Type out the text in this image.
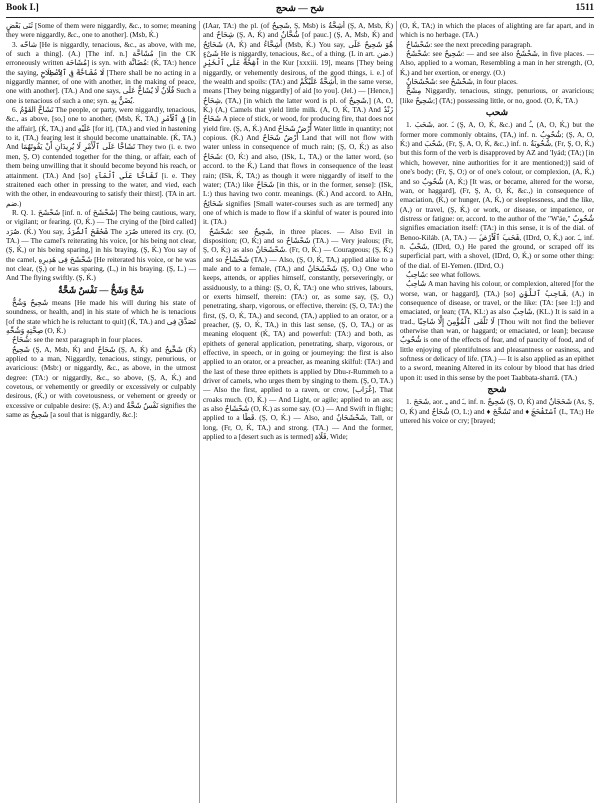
Book I.]	شح — شحج	1511

ثَنَى بَعْضٍ [Some of them were niggardly, &c., to some; meaning they were niggardly, &c., one to another]. (Msb, Ḱ.)

3. شاحّه [He is niggardly, tenacious, &c., as above, with me, of such a thing]. (A.) [The inf. n.] مُشَاحَّة [in the CK erroneously written مُشَاحَة] is syn. with مُضَانَّة: (Ḱ, TA:) hence the saying, لَا مُشَاحَّةَ فِى ٱلِٱصْطِلَاحِ [There shall be no acting in a niggardly manner, of one with another, in the making of peace, one with another]. (TA.) And one says, فُلَانٌ لَا يُشَاحُّ عَلَى Such a one is tenacious of such a one; syn. يُضَنُّ بِهِ.

6. تَشَاحَّ القَوْمُ The people, or party, were niggardly, tenacious, &c., as above, [so,] one to another, (Msb, Ḱ, TA,) فِى ٱلْأَمْرِ [in the affair], (Ḱ, TA,) and عَلَيْهِ [for it], (TA,) and vied in hastening to it, (TA,) fearing lest it should become unattainable. (Ḱ, TA.) And تَشَاحَّا عَلَى ٱلْأَمْرِ لَا يُرِيدَانِ أَنْ يَفُوتَهُمَا They two (i. e. two men, Ş, O) contended together for the thing, or affair, each of them being unwilling that it should become beyond his reach, or attainment. (TA.) And [so] تَشَاحَّا عَلَى ٱلْمَآءِ [i. e. They straitened each other in pressing to the water, and vied, each with the other, in endeavouring to satisfy their thirst]. (TA in art. ضم.)

R. Q. 1. شَحْشَحَ [inf. n. of شَحْشَحَ] The being cautious, wary, or vigilant; or fearing. (O, Ḱ.) — The crying of the [bird called] صُرَد. (Ḱ.) You say, شَحْشَحَ ٱلصُّرَدُ The صُرَد uttered its cry. (O, TA.) — The camel's reiterating his voice, [or his being not clear, (Ş, Ḱ,) or his being sparing,] in his braying. (Ş, Ḱ.) You say of the camel, شَحْشَحَ فِى هَدِيرِهِ [He reiterated his voice, or he was not clear, (Ş,) or he was sparing, (L,) in his braying. (Ş, L.) — And The flying swiftly. (Ş, Ḱ.)

شَحَّ وَشَحُّ — نَفْسٌ شَحَّةٌ

شَحِيحٌ وَشُحٌّ means [He made his will during his state of soundness, or health, and] in his state of which he is tenacious [of the state which he is reluctant to quit] (Ḱ, TA.) and تَصَدَّقَ فِى صِحَّتِهِ وَشُحِّهِ (O, Ḱ.)

شُحَاحٌ: see the next paragraph in four places.

شَحِيحٌ (Ş, A, Msb, Ḱ) and شَحَاحٌ (Ş, A, Ḱ) and شَحِّيحٌ (Ḱ) applied to a man, Niggardly, tenacious, stingy, penurious, or avaricious: (Msb:) or niggardly, &c., as above, in the utmost degree: (TA:) or niggardly, &c., so above, (Ş, A, Ḱ,) and covetous, or vehemently or greedily or excessively or culpably desirous, (Ḱ,) or with covetousness, or vehement or greedy or excessive or culpable desire: (Ş, A:) and نَفْسٌ شَحَّةٌ signifies the same as شَحِيحٌ [a soul that is niggardly, &c.]:

(IAar, TA:) the pl. (of شَحِيحٌ, Ş, Msb) is أَشِحَّةٌ (Ş, A, Msb, Ḱ) and شِحَاحٌ (Ş, A, Ḱ) and شُحَّانٌ [of pauc.] (Ş, A, Msb, Ḱ) and شَحَائِحُ (A, Ḱ) and أَشِحَّاءُ (Msb, Ḱ.) You say, هُوَ شَحِيحٌ عَلَى شَىْءٍ He is niggardly, tenacious, &c., of a thing. (L in art. ضن.) أَشِحَّةٌ عَلَى ٱلْخَيْرِ in the Kur [xxxiii. 19], means [They being niggardly, or vehemently desirous, of the good things, i. e.] of the wealth and spoils: (TA:) and أَشِحَّةٌ عَلَيْكُمْ, in the same verse, means [They being niggardly] of aid [to you]. (Jel.) — [Hence,] شِحَاحٌ, (TA,) [in which the latter word is pl. of شَحِيحٌ,] (A, O, Ḱ,) (A,) Camels that yield little milk. (A, O, Ḱ, TA.) And زَنْدٌ شَحَاحٌ A piece of stick, or wood, for producing fire, that does not yield fire. (Ş, A, Ḱ.) And أَرْضٌ شَحَاحٌ Water little in quantity; not copious. (Ḱ.) And أَرْضٌ شَحَاحٌ Land that will not flow with water unless in consequence of much rain; (Ş, O, Ḱ;) as also شَحَاحٌ: (O, Ḱ:) and also, (ISk, L, TA,) or the latter word, (so accord. to the Ḱ,) Land that flows in consequence of the least rain; (ISk, Ḱ, TA;) as though it were niggardly of itself to the water; (TA;) like شَحَاحٌ [in this, or in the former, sense]: (ISk, L:) thus having two contr. meanings. (Ḱ.) And accord. to AHn, شَحَائِحُ signifies [Small water-courses such as are termed] any one of which is made to flow if a skinful of water is poured into it. (TA.)

شَحْشَحٌ: see شَحِيحٌ, in three places. — Also Evil in disposition; (O, Ḱ;) and so شَحْشَاحٌ (TA.) — Very jealous; (Fr, Ş, O, Ḱ;) as also شَحْشَحَانٌ. (Fr, O, Ḱ.) — Courageous; (Ş, Ḱ;) and so شَحْشَاحٌ (TA.) — Also, (Ş, O, Ḱ, TA,) applied alike to a male and to a female, (TA,) and شَحْشَحَانٌ (Ş, O,) One who keeps, attends, or applies himself, constantly, perseveringly, or assiduously, to a thing: (Ş, O, Ḱ, TA:) one who strives, labours, or exerts himself, therein: (TA:) or, as some say, (Ş, O,) penetrating, sharp, vigorous, or effective, therein: (Ş, O, TA:) the first, (Ş, O, Ḱ, TA,) and second, (TA,) applied to an orator, or a preacher, (Ş, O, Ḱ, TA,) in this last sense, (Ş, O, TA,) or as meaning eloquent (Ḱ, TA) and powerful: (TA:) and both, as epithets of general application, penetrating, sharp, vigorous, or effective, in speech, or in going or journeying: the first is also applied to an orator, or a preacher, as meaning skilful: (TA:) and the last of these three epithets is applied by Dhu-r-Rummeh to a driver of camels, who urges them by singing to them. (Ş, O, TA.) — Also the first, applied to a raven, or crow, [غُرَاب], That croaks much. (O, Ḱ.) — And Light, or agile; applied to an ass; as also شَحْشَاحٌ (O, Ḱ.) as some say. (O.) — And Swift in flight; applied to a قَطَا. (Ş, O, Ḱ.) — Also, and شَحْشَحَانٌ, Tall, or long, (Fr, O, Ḱ, TA,) and strong. (TA.) — And the former, applied to a [desert such as is termed] فَلَاة, Wide;

(O, Ḱ, TA;) in which the places of alighting are far apart, and in which is no herbage. (TA.)

شَحْشَاحٌ: see the next preceding paragraph.

شَحْشَحٌ: see شَحِيحٌ: — and see also شَحْشَحٌ, in five places. — Also, applied to a woman, Resembling a man in her strength, (O, Ḱ,) and her exertion, or energy. (O.)

شَحْشَحَانٌ: see شَحْشَحٌ, in four places.

مِشَحٌّ Niggardly, tenacious, stingy, penurious, or avaricious; [like شَحِيحٌ;] (TA;) possessing little, or no, good. (O, Ḱ, TA.)

شحب

1. شَحَبَ, aor. ـَ (Ş, A, O, Ḱ, &c.) and ـُ, (A, O, Ḱ,) but the former more commonly obtains, (TA,) inf. n. شُحُوبٌ; (Ş, A, O, Ḱ;) and شَحُبَ, (Fr, Ş, A, O, Ḱ, &c.,) inf. n. شُحُوبَةٌ, (Fr, Ş, O, Ḱ,) but this form of the verb is disapproved by AZ and 'Iyád; (TA;) [in which, however, nine authorities for it are mentioned;)] said of one's body; (Fr, Ş, O;) or of one's colour, or complexion, (A, Ḱ,) and so شُحُوبٌ (A, Ḱ;) [It was, or became, altered for the worse, wan, or haggard], (Fr, Ş, A, O, Ḱ, &c.,) in consequence of emaciation, (Ḱ,) or hunger, (A, Ḱ,) or sleeplessness, and the like, (A,) or travel, (Ş, Ḱ,) or work, or disease, or impatience, or distress or fatigue: or, accord. to the author of the "W'áe," شُحُوبٌ signifies emaciation itself: (TA:) in this sense, it is of the dial. of Benoo-Kiláb. (A, TA.) — شَحَبَ ٱلْأَرْضَ, (IDrd, O, Ḱ,) aor. ـَ, inf. n. شَحْبٌ, (IDrd, O,) He pared the ground, or scraped off its superficial part, with a shovel, (IDrd, O, Ḱ,) or some other thing: of the dial. of El-Yemen. (IDrd, O.)

شَاحِبٌ: see what follows.

شَاحِبٌ A man having his colour, or complexion, altered [for the worse, wan, or haggard], (TA,) [so] شَاحِبُ ٱللَّوْنِ, (A,) in consequence of disease, or travel, or the like: (TA: [see 1:]) and emaciated, or lean; (TA, KL:) as also شَاحِبٌ, (KL.) It is said in a trad., لَا تَلْقَى ٱلْمُؤْمِنَ إِلَّا شَاحِبًا [Thou wilt not find the believer otherwise than wan, or haggard; or emaciated, or lean]; because شُحُوبٌ is one of the effects of fear, and of paucity of food, and of little enjoying of plentifulness and pleasantness or easiness, and softness or delicacy of life. (TA.) — It is also applied as an epithet to a sword, meaning Altered in its colour by blood that has dried upon it: used in this sense by the poet Taabbata-sharrâ. (TA.)

شحج

1. شَحَجَ, aor. ـِ and ـَ, inf. n. شَحِيجٌ (Ş, O, Ḱ) and شَحَجَانٌ (As, Ş, O, Ḱ) and شُحَاجٌ (O, L;) and ♦ تَشَحَّجَ and ♦ ٱسْتَشْحَجَ (L, TA;) He uttered his voice or cry; [brayed;
